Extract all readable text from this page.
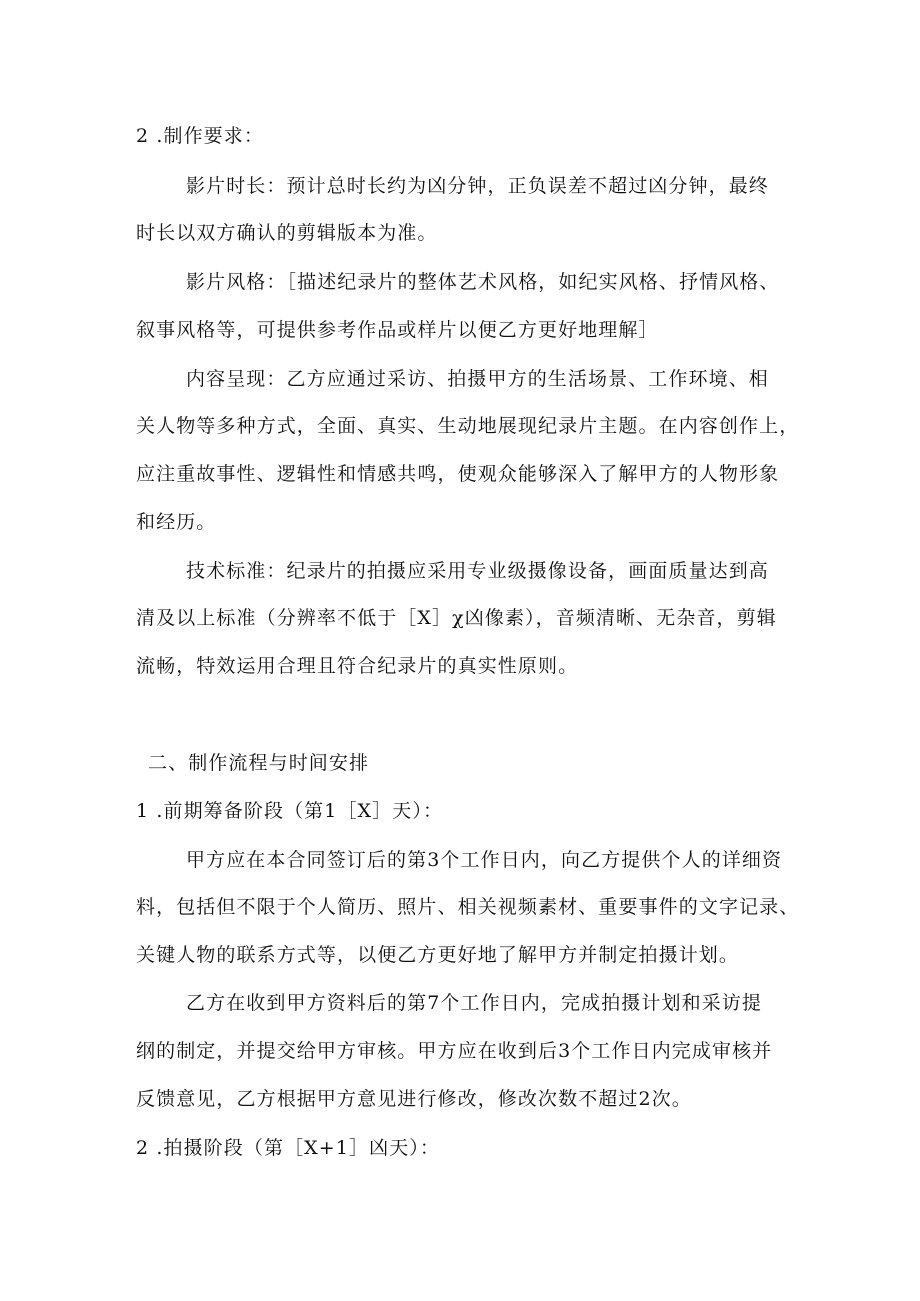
2 .制作要求：
影片时长：预计总时长约为凶分钟，正负误差不超过凶分钟，最终
时长以双方确认的剪辑版本为准。
影片风格：［描述纪录片的整体艺术风格，如纪实风格、抒情风格、
叙事风格等，可提供参考作品或样片以便乙方更好地理解］
内容呈现：乙方应通过采访、拍摄甲方的生活场景、工作环境、相
关人物等多种方式，全面、真实、生动地展现纪录片主题。在内容创作上，
应注重故事性、逻辑性和情感共鸣，使观众能够深入了解甲方的人物形象
和经历。
技术标准：纪录片的拍摄应采用专业级摄像设备，画面质量达到高
清及以上标准（分辨率不低于［X］χ凶像素），音频清晰、无杂音，剪辑
流畅，特效运用合理且符合纪录片的真实性原则。
二、制作流程与时间安排
1 .前期筹备阶段（第1［X］天）：
甲方应在本合同签订后的第3个工作日内，向乙方提供个人的详细资
料，包括但不限于个人简历、照片、相关视频素材、重要事件的文字记录、
关键人物的联系方式等，以便乙方更好地了解甲方并制定拍摄计划。
乙方在收到甲方资料后的第7个工作日内，完成拍摄计划和采访提
纲的制定，并提交给甲方审核。甲方应在收到后3个工作日内完成审核并
反馈意见，乙方根据甲方意见进行修改，修改次数不超过2次。
2 .拍摄阶段（第［X+1］凶天）：
